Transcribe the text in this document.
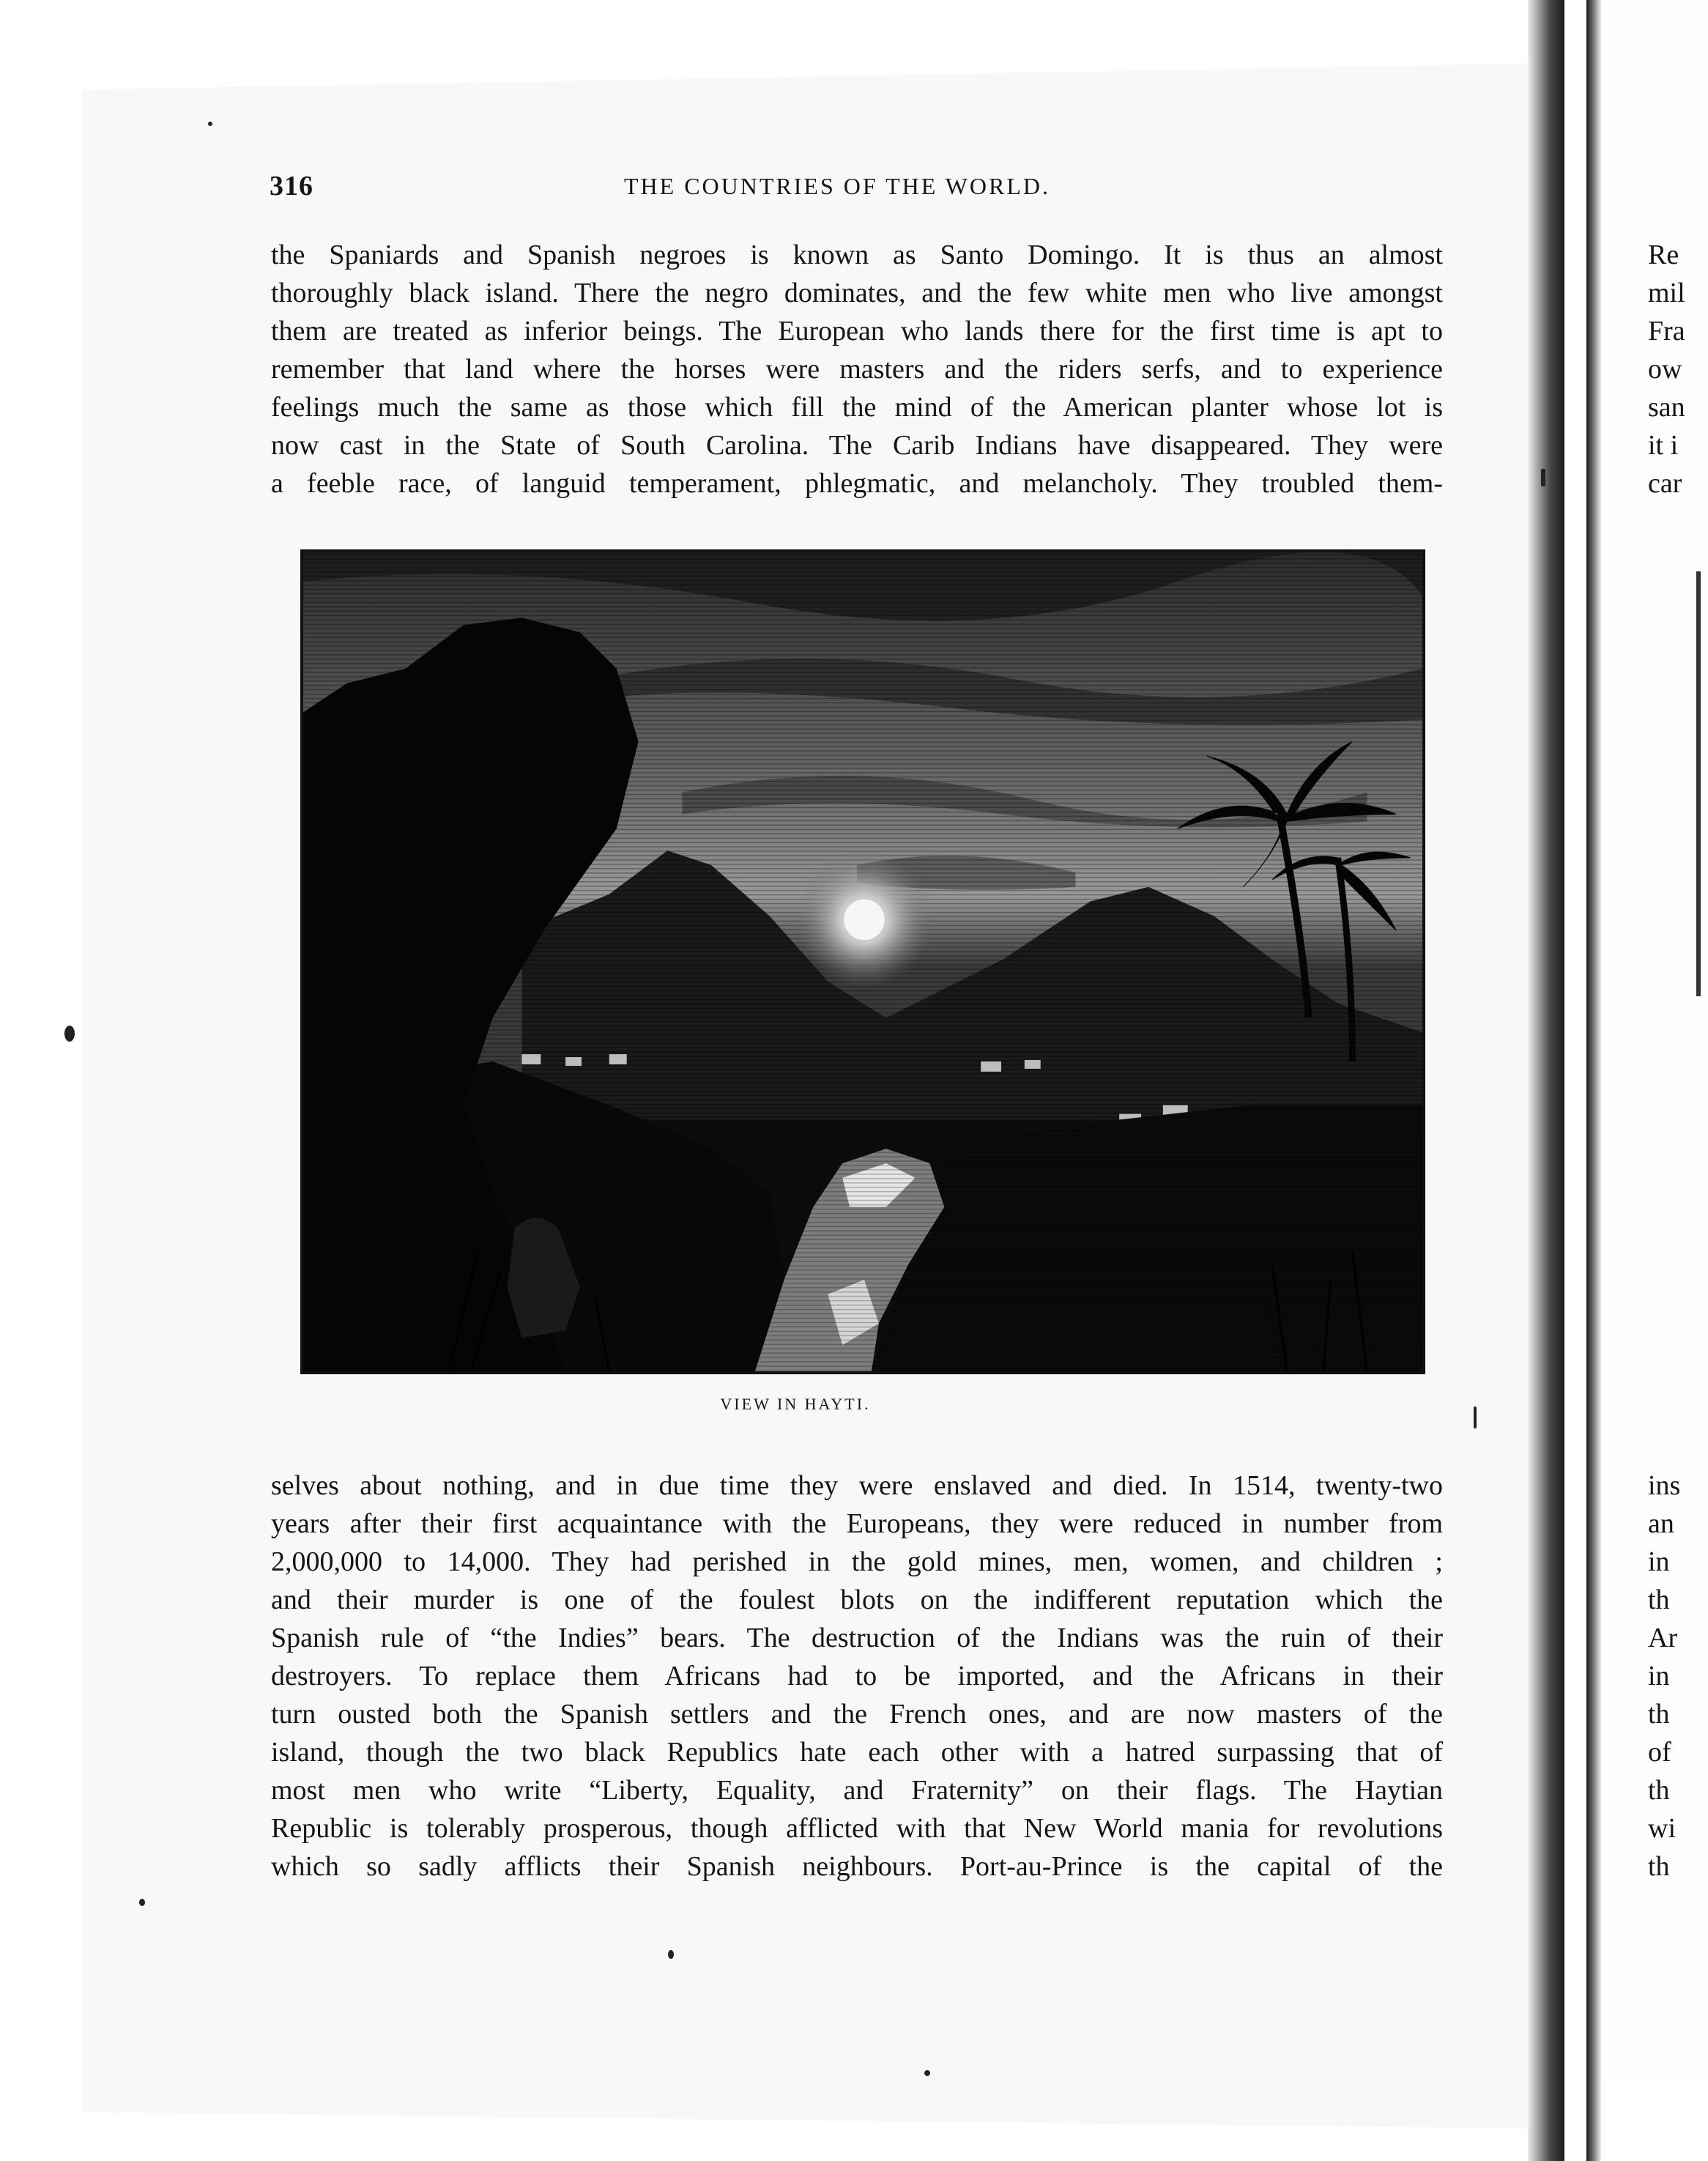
316	THE COUNTRIES OF THE WORLD.
the Spaniards and Spanish negroes is known as Santo Domingo. It is thus an almost
thoroughly black island. There the negro dominates, and the few white men who live amongst
them are treated as inferior beings. The European who lands there for the first time is apt to
remember that land where the horses were masters and the riders serfs, and to experience
feelings much the same as those which fill the mind of the American planter whose lot is
now cast in the State of South Carolina. The Carib Indians have disappeared. They were
a feeble race, of languid temperament, phlegmatic, and melancholy. They troubled them-
VIEW IN HAYTI.
selves about nothing, and in due time they were enslaved and died. In 1514, twenty-two
years after their first acquaintance with the Europeans, they were reduced in number from
2,000,000 to 14,000. They had perished in the gold mines, men, women, and children ;
and their murder is one of the foulest blots on the indifferent reputation which the
Spanish rule of “the Indies” bears. The destruction of the Indians was the ruin of their
destroyers. To replace them Africans had to be imported, and the Africans in their
turn ousted both the Spanish settlers and the French ones, and are now masters of the
island, though the two black Republics hate each other with a hatred surpassing that of
most men who write “Liberty, Equality, and Fraternity” on their flags. The Haytian
Republic is tolerably prosperous, though afflicted with that New World mania for revolutions
which so sadly afflicts their Spanish neighbours. Port-au-Prince is the capital of the
Re
mil
Fra
ow
san
it i
car
ins
an
in
th
Ar
in
th
of
th
wi
th
